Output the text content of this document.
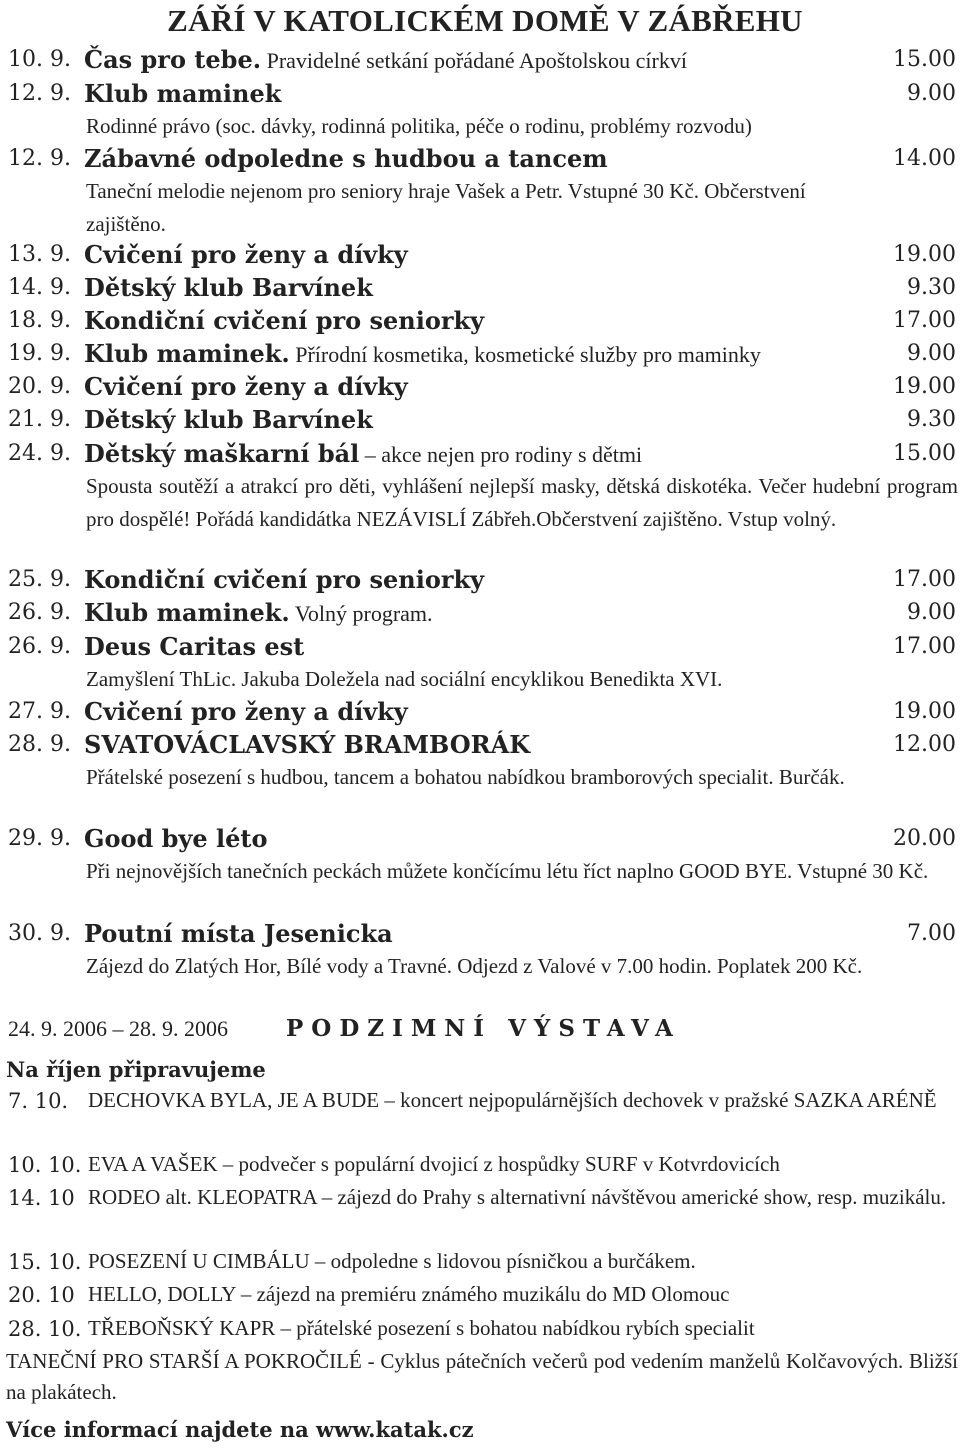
ZÁŘÍ V KATOLICKÉM DOMĚ V ZÁBŘEHU
10. 9. Čas pro tebe. Pravidelné setkání pořádané Apoštolskou církví	15.00
12. 9. Klub maminek	9.00
Rodinné právo (soc. dávky, rodinná politika, péče o rodinu, problémy rozvodu)
12. 9. Zábavné odpoledne s hudbou a tancem	14.00
Taneční melodie nejenom pro seniory hraje Vašek a Petr. Vstupné 30 Kč. Občerstvení zajištěno.
13. 9. Cvičení pro ženy a dívky	19.00
14. 9. Dětský klub Barvínek	9.30
18. 9. Kondiční cvičení pro seniorky	17.00
19. 9. Klub maminek. Přírodní kosmetika, kosmetické služby pro maminky	9.00
20. 9. Cvičení pro ženy a dívky	19.00
21. 9. Dětský klub Barvínek	9.30
24. 9. Dětský maškarní bál – akce nejen pro rodiny s dětmi	15.00
Spousta soutěží a atrakcí pro děti, vyhlášení nejlepší masky, dětská diskotéka. Večer hudební program pro dospělé! Pořádá kandidátka NEZÁVISLÍ Zábřeh.Občerstvení zajištěno. Vstup volný.
25. 9. Kondiční cvičení pro seniorky	17.00
26. 9. Klub maminek. Volný program.	9.00
26. 9. Deus Caritas est	17.00
Zamyšlení ThLic. Jakuba Doležela nad sociální encyklikou Benedikta XVI.
27. 9. Cvičení pro ženy a dívky	19.00
28. 9. SVATOVÁCLAVSKÝ BRAMBORÁK	12.00
Přátelské posezení s hudbou, tancem a bohatou nabídkou bramborových specialit. Burčák.
29. 9. Good bye léto	20.00
Při nejnovějších tanečních peckách můžete končícímu létu říct naplno GOOD BYE. Vstupné 30 Kč.
30. 9. Poutní místa Jesenicka	7.00
Zájezd do Zlatých Hor, Bílé vody a Travné. Odjezd z Valové v 7.00 hodin. Poplatek 200 Kč.
24. 9. 2006 – 28. 9. 2006	PODZIMNÍ VÝSTAVA
Na říjen připravujeme
7. 10. DECHOVKA BYLA, JE A BUDE – koncert nejpopulárnějších dechovek v pražské SAZKA ARÉNĚ
10. 10. EVA A VAŠEK – podvečer s populární dvojicí z hospůdky SURF v Kotvrdovicích
14. 10 RODEO alt. KLEOPATRA – zájezd do Prahy s alternativní návštěvou americké show, resp. muzikálu.
15. 10. POSEZENÍ U CIMBÁLU – odpoledne s lidovou písničkou a burčákem.
20. 10 HELLO, DOLLY – zájezd na premiéru známého muzikálu do MD Olomouc
28. 10. TŘEBOŇSKÝ KAPR – přátelské posezení s bohatou nabídkou rybích specialit
TANEČNÍ PRO STARŠÍ A POKROČILÉ - Cyklus pátečních večerů pod vedením manželů Kolčavových. Bližší na plakátech.
Více informací najdete na www.katak.cz
